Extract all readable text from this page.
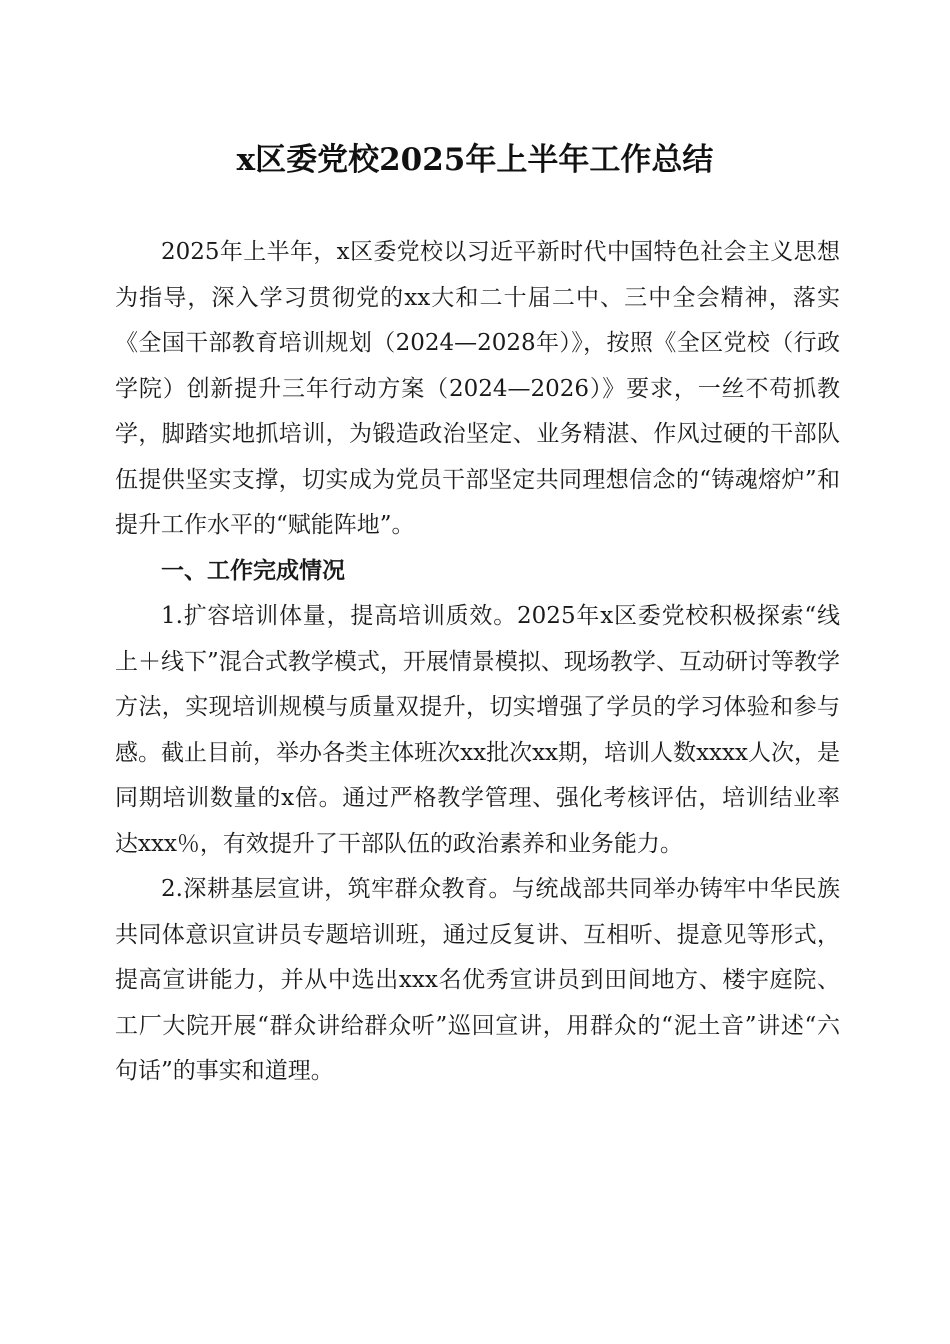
x区委党校2025年上半年工作总结

2025年上半年，x区委党校以习近平新时代中国特色社会主义思想为指导，深入学习贯彻党的xx大和二十届二中、三中全会精神，落实《全国干部教育培训规划（2024—2028年）》，按照《全区党校（行政学院）创新提升三年行动方案（2024—2026）》要求，一丝不苟抓教学，脚踏实地抓培训，为锻造政治坚定、业务精湛、作风过硬的干部队伍提供坚实支撑，切实成为党员干部坚定共同理想信念的“铸魂熔炉”和提升工作水平的“赋能阵地”。

一、工作完成情况

1.扩容培训体量，提高培训质效。2025年x区委党校积极探索“线上＋线下”混合式教学模式，开展情景模拟、现场教学、互动研讨等教学方法，实现培训规模与质量双提升，切实增强了学员的学习体验和参与感。截止目前，举办各类主体班次xx批次xx期，培训人数xxxx人次，是同期培训数量的x倍。通过严格教学管理、强化考核评估，培训结业率达xxx％，有效提升了干部队伍的政治素养和业务能力。

2.深耕基层宣讲，筑牢群众教育。与统战部共同举办铸牢中华民族共同体意识宣讲员专题培训班，通过反复讲、互相听、提意见等形式，提高宣讲能力，并从中选出xxx名优秀宣讲员到田间地方、楼宇庭院、工厂大院开展“群众讲给群众听”巡回宣讲，用群众的“泥土音”讲述“六句话”的事实和道理。
